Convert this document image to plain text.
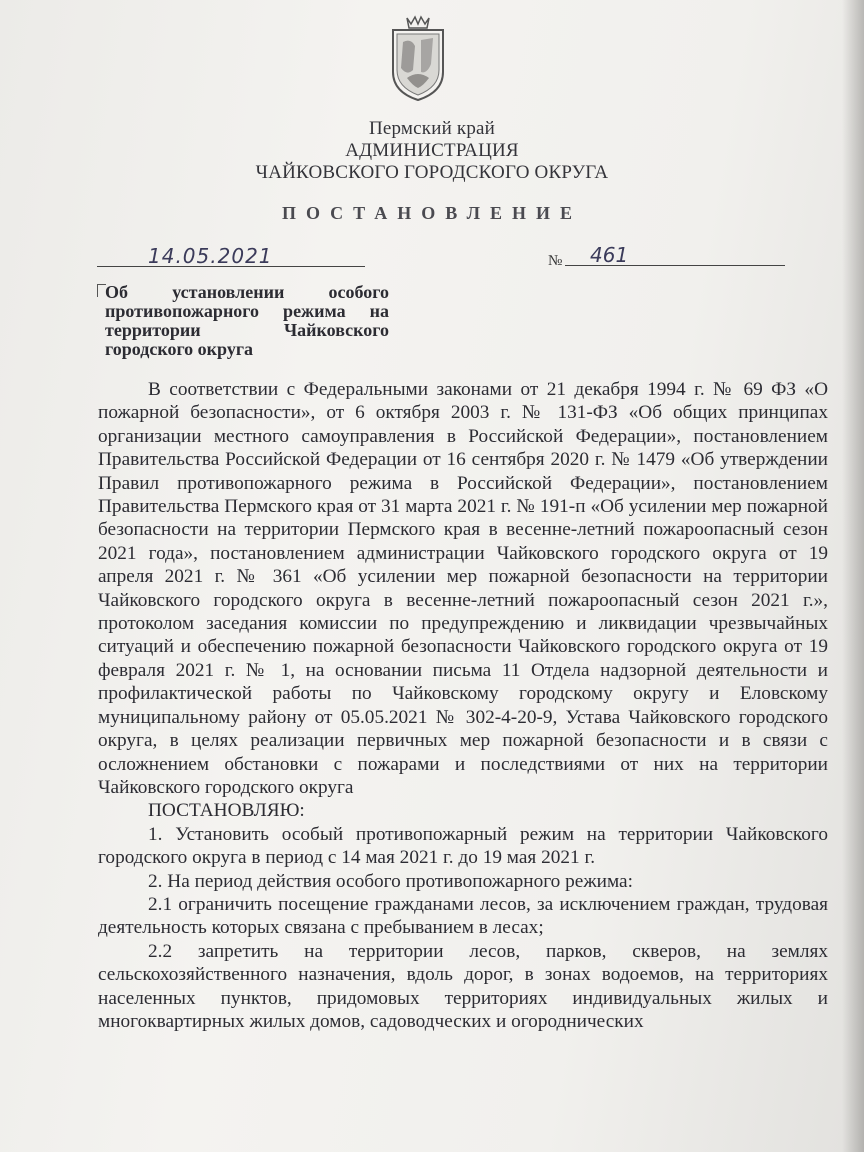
Пермский край
АДМИНИСТРАЦИЯ
ЧАЙКОВСКОГО ГОРОДСКОГО ОКРУГА
ПОСТАНОВЛЕНИЕ
14.05.2021	№ 461
Об установлении особого противопожарного режима на территории Чайковского городского округа

В соответствии с Федеральными законами от 21 декабря 1994 г. № 69 ФЗ «О пожарной безопасности», от 6 октября 2003 г. № 131-ФЗ «Об общих принципах организации местного самоуправления в Российской Федерации», постановлением Правительства Российской Федерации от 16 сентября 2020 г. № 1479 «Об утверждении Правил противопожарного режима в Российской Федерации», постановлением Правительства Пермского края от 31 марта 2021 г. № 191-п «Об усилении мер пожарной безопасности на территории Пермского края в весенне-летний пожароопасный сезон 2021 года», постановлением администрации Чайковского городского округа от 19 апреля 2021 г. № 361 «Об усилении мер пожарной безопасности на территории Чайковского городского округа в весенне-летний пожароопасный сезон 2021 г.», протоколом заседания комиссии по предупреждению и ликвидации чрезвычайных ситуаций и обеспечению пожарной безопасности Чайковского городского округа от 19 февраля 2021 г. № 1, на основании письма 11 Отдела надзорной деятельности и профилактической работы по Чайковскому городскому округу и Еловскому муниципальному району от 05.05.2021 № 302-4-20-9, Устава Чайковского городского округа, в целях реализации первичных мер пожарной безопасности и в связи с осложнением обстановки с пожарами и последствиями от них на территории Чайковского городского округа

ПОСТАНОВЛЯЮ:

1. Установить особый противопожарный режим на территории Чайковского городского округа в период с 14 мая 2021 г. до 19 мая 2021 г.

2. На период действия особого противопожарного режима:

2.1 ограничить посещение гражданами лесов, за исключением граждан, трудовая деятельность которых связана с пребыванием в лесах;

2.2 запретить на территории лесов, парков, скверов, на землях сельскохозяйственного назначения, вдоль дорог, в зонах водоемов, на территориях населенных пунктов, придомовых территориях индивидуальных жилых и многоквартирных жилых домов, садоводческих и огороднических
